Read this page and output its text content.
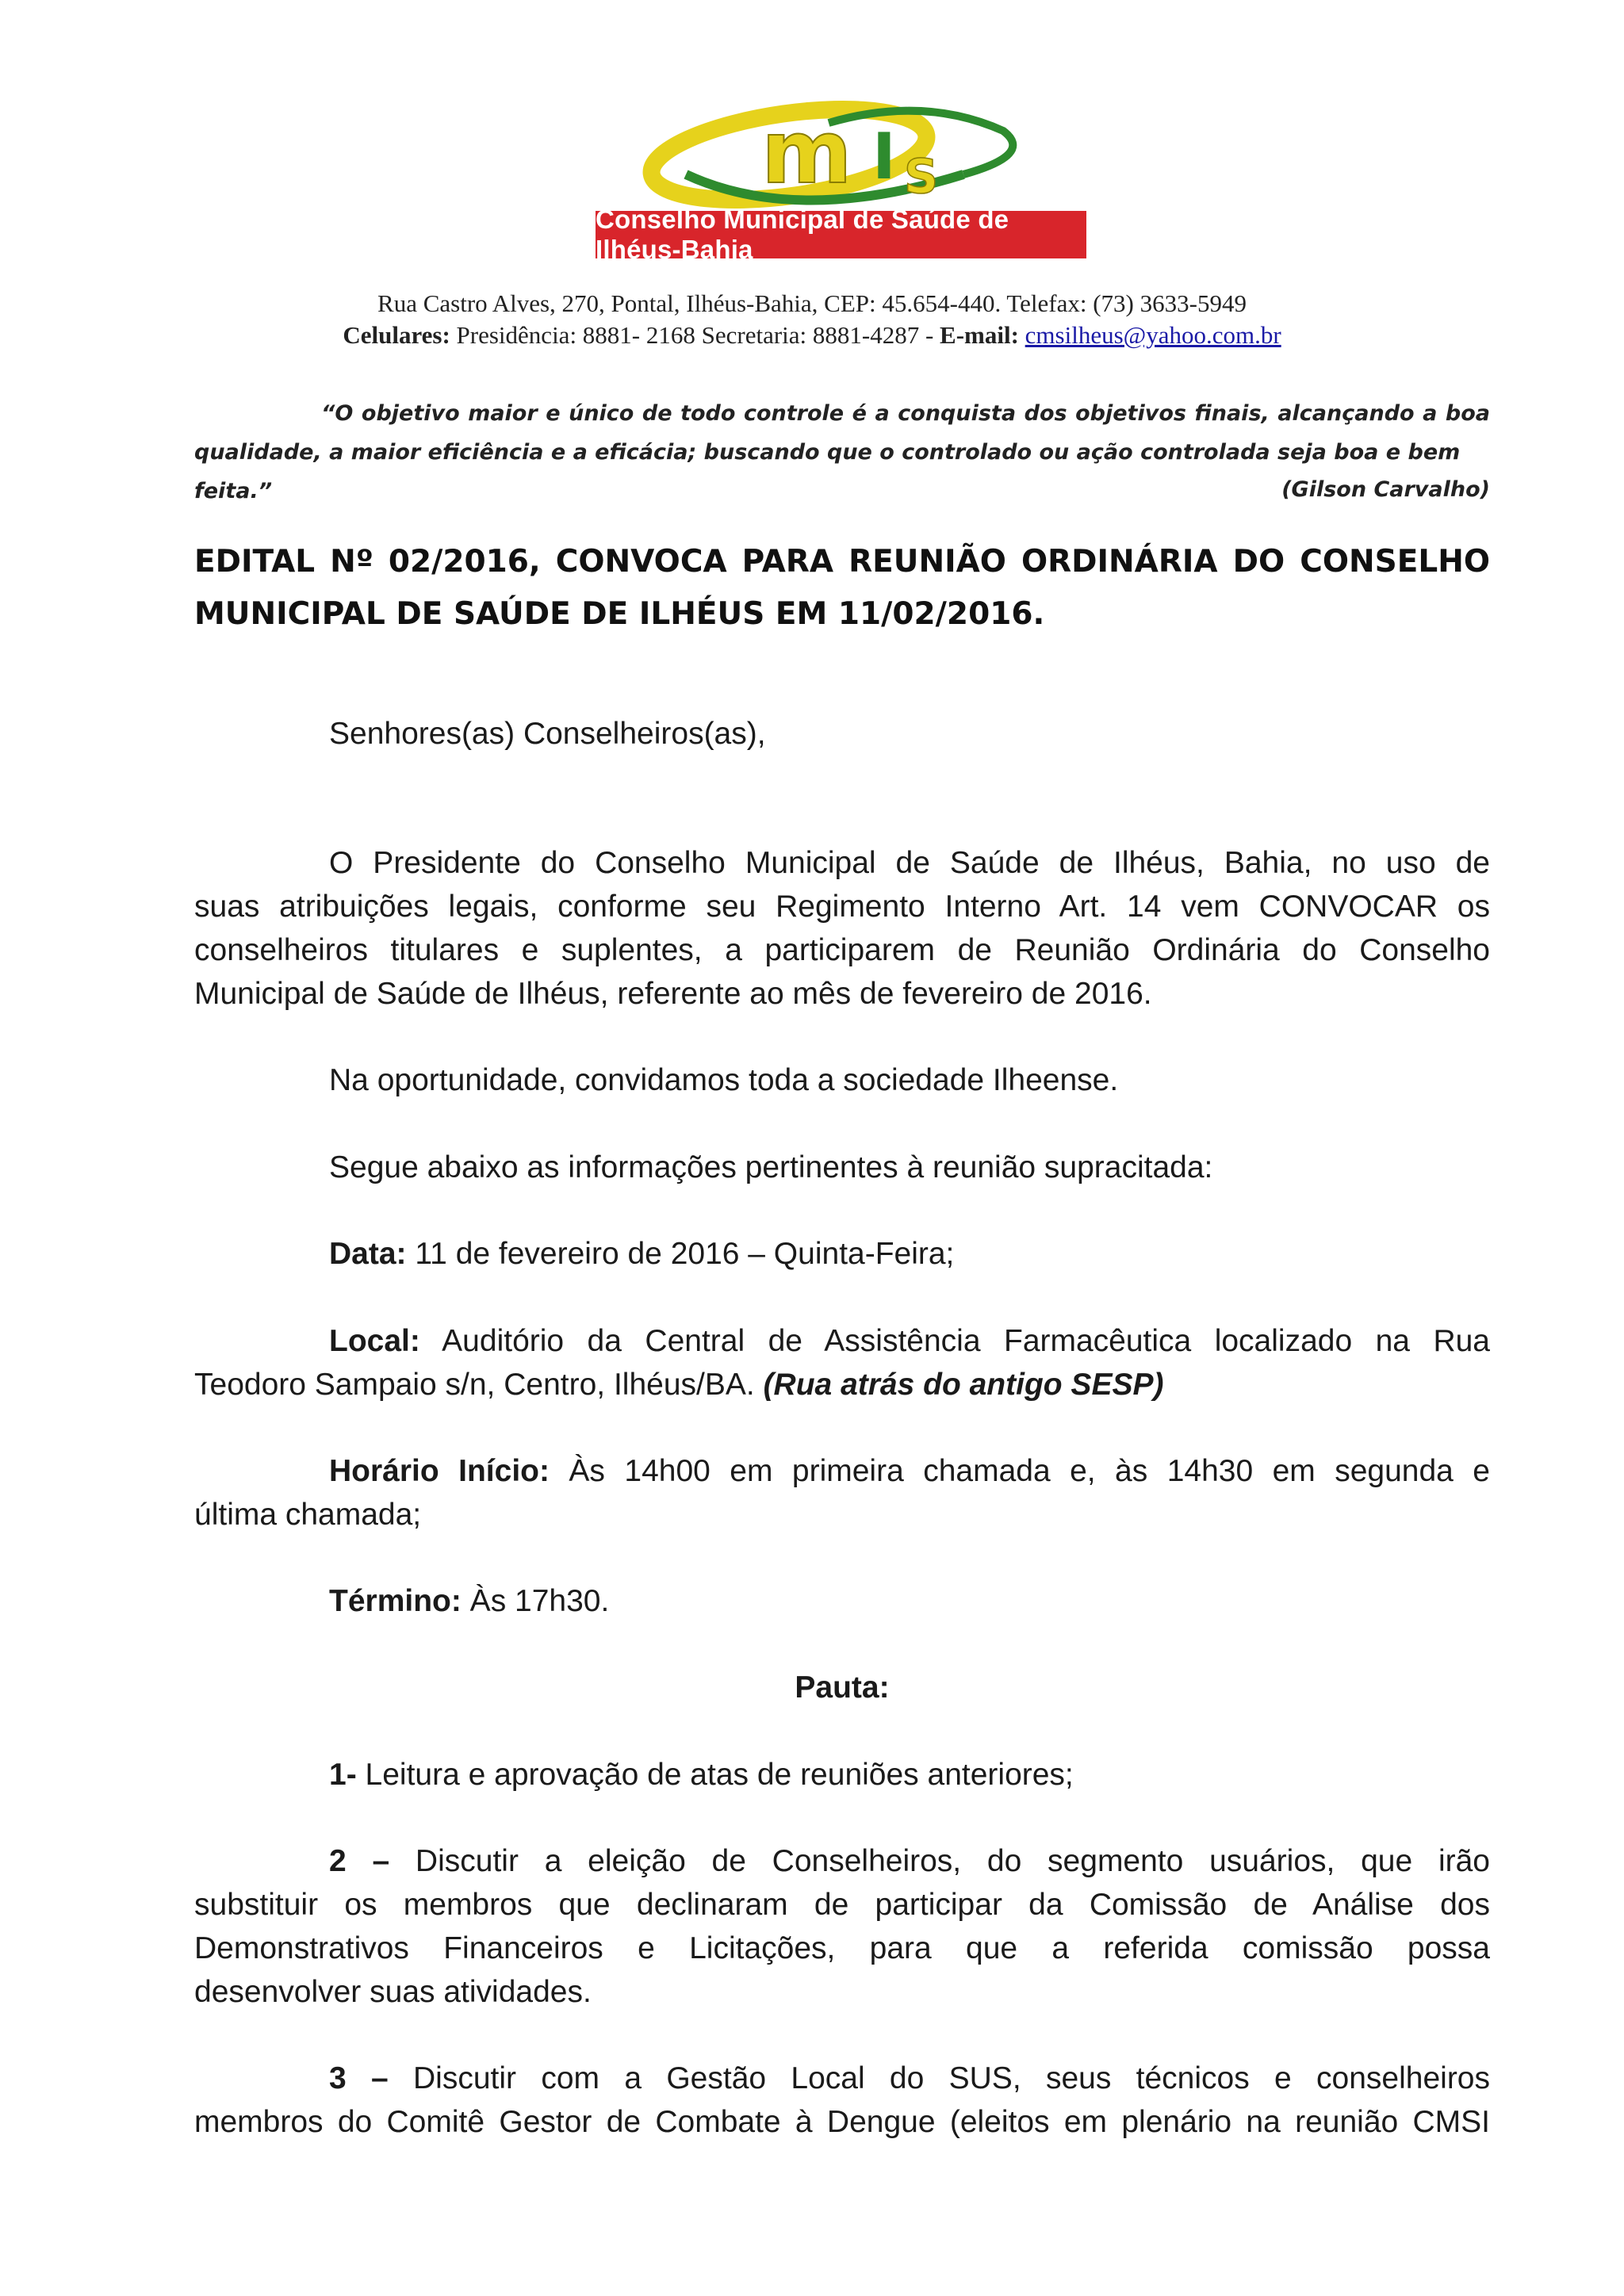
m I S
Conselho Municipal de Saúde de Ilhéus-Bahia
Rua Castro Alves, 270, Pontal, Ilhéus-Bahia, CEP: 45.654-440. Telefax: (73) 3633-5949
Celulares: Presidência: 8881- 2168 Secretaria: 8881-4287 - E-mail: cmsilheus@yahoo.com.br
“O objetivo maior e único de todo controle é a conquista dos objetivos finais, alcançando a boa
qualidade, a maior eficiência e a eficácia; buscando que o controlado ou ação controlada seja boa e bem feita.”	(Gilson Carvalho)
EDITAL Nº 02/2016, CONVOCA PARA REUNIÃO ORDINÁRIA DO CONSELHO
MUNICIPAL DE SAÚDE DE ILHÉUS EM 11/02/2016.
Senhores(as) Conselheiros(as),
O Presidente do Conselho Municipal de Saúde de Ilhéus, Bahia, no uso de
suas atribuições legais, conforme seu Regimento Interno Art. 14 vem CONVOCAR os
conselheiros titulares e suplentes, a participarem de Reunião Ordinária do Conselho
Municipal de Saúde de Ilhéus, referente ao mês de fevereiro de 2016.
Na oportunidade, convidamos toda a sociedade Ilheense.
Segue abaixo as informações pertinentes à reunião supracitada:
Data: 11 de fevereiro de 2016 – Quinta-Feira;
Local: Auditório da Central de Assistência Farmacêutica localizado na Rua
Teodoro Sampaio s/n, Centro, Ilhéus/BA. (Rua atrás do antigo SESP)
Horário Início: Às 14h00 em primeira chamada e, às 14h30 em segunda e
última chamada;
Término: Às 17h30.
Pauta:
1- Leitura e aprovação de atas de reuniões anteriores;
2 – Discutir a eleição de Conselheiros, do segmento usuários, que irão
substituir os membros que declinaram de participar da Comissão de Análise dos
Demonstrativos Financeiros e Licitações, para que a referida comissão possa
desenvolver suas atividades.
3 – Discutir com a Gestão Local do SUS, seus técnicos e conselheiros
membros do Comitê Gestor de Combate à Dengue (eleitos em plenário na reunião CMSI
